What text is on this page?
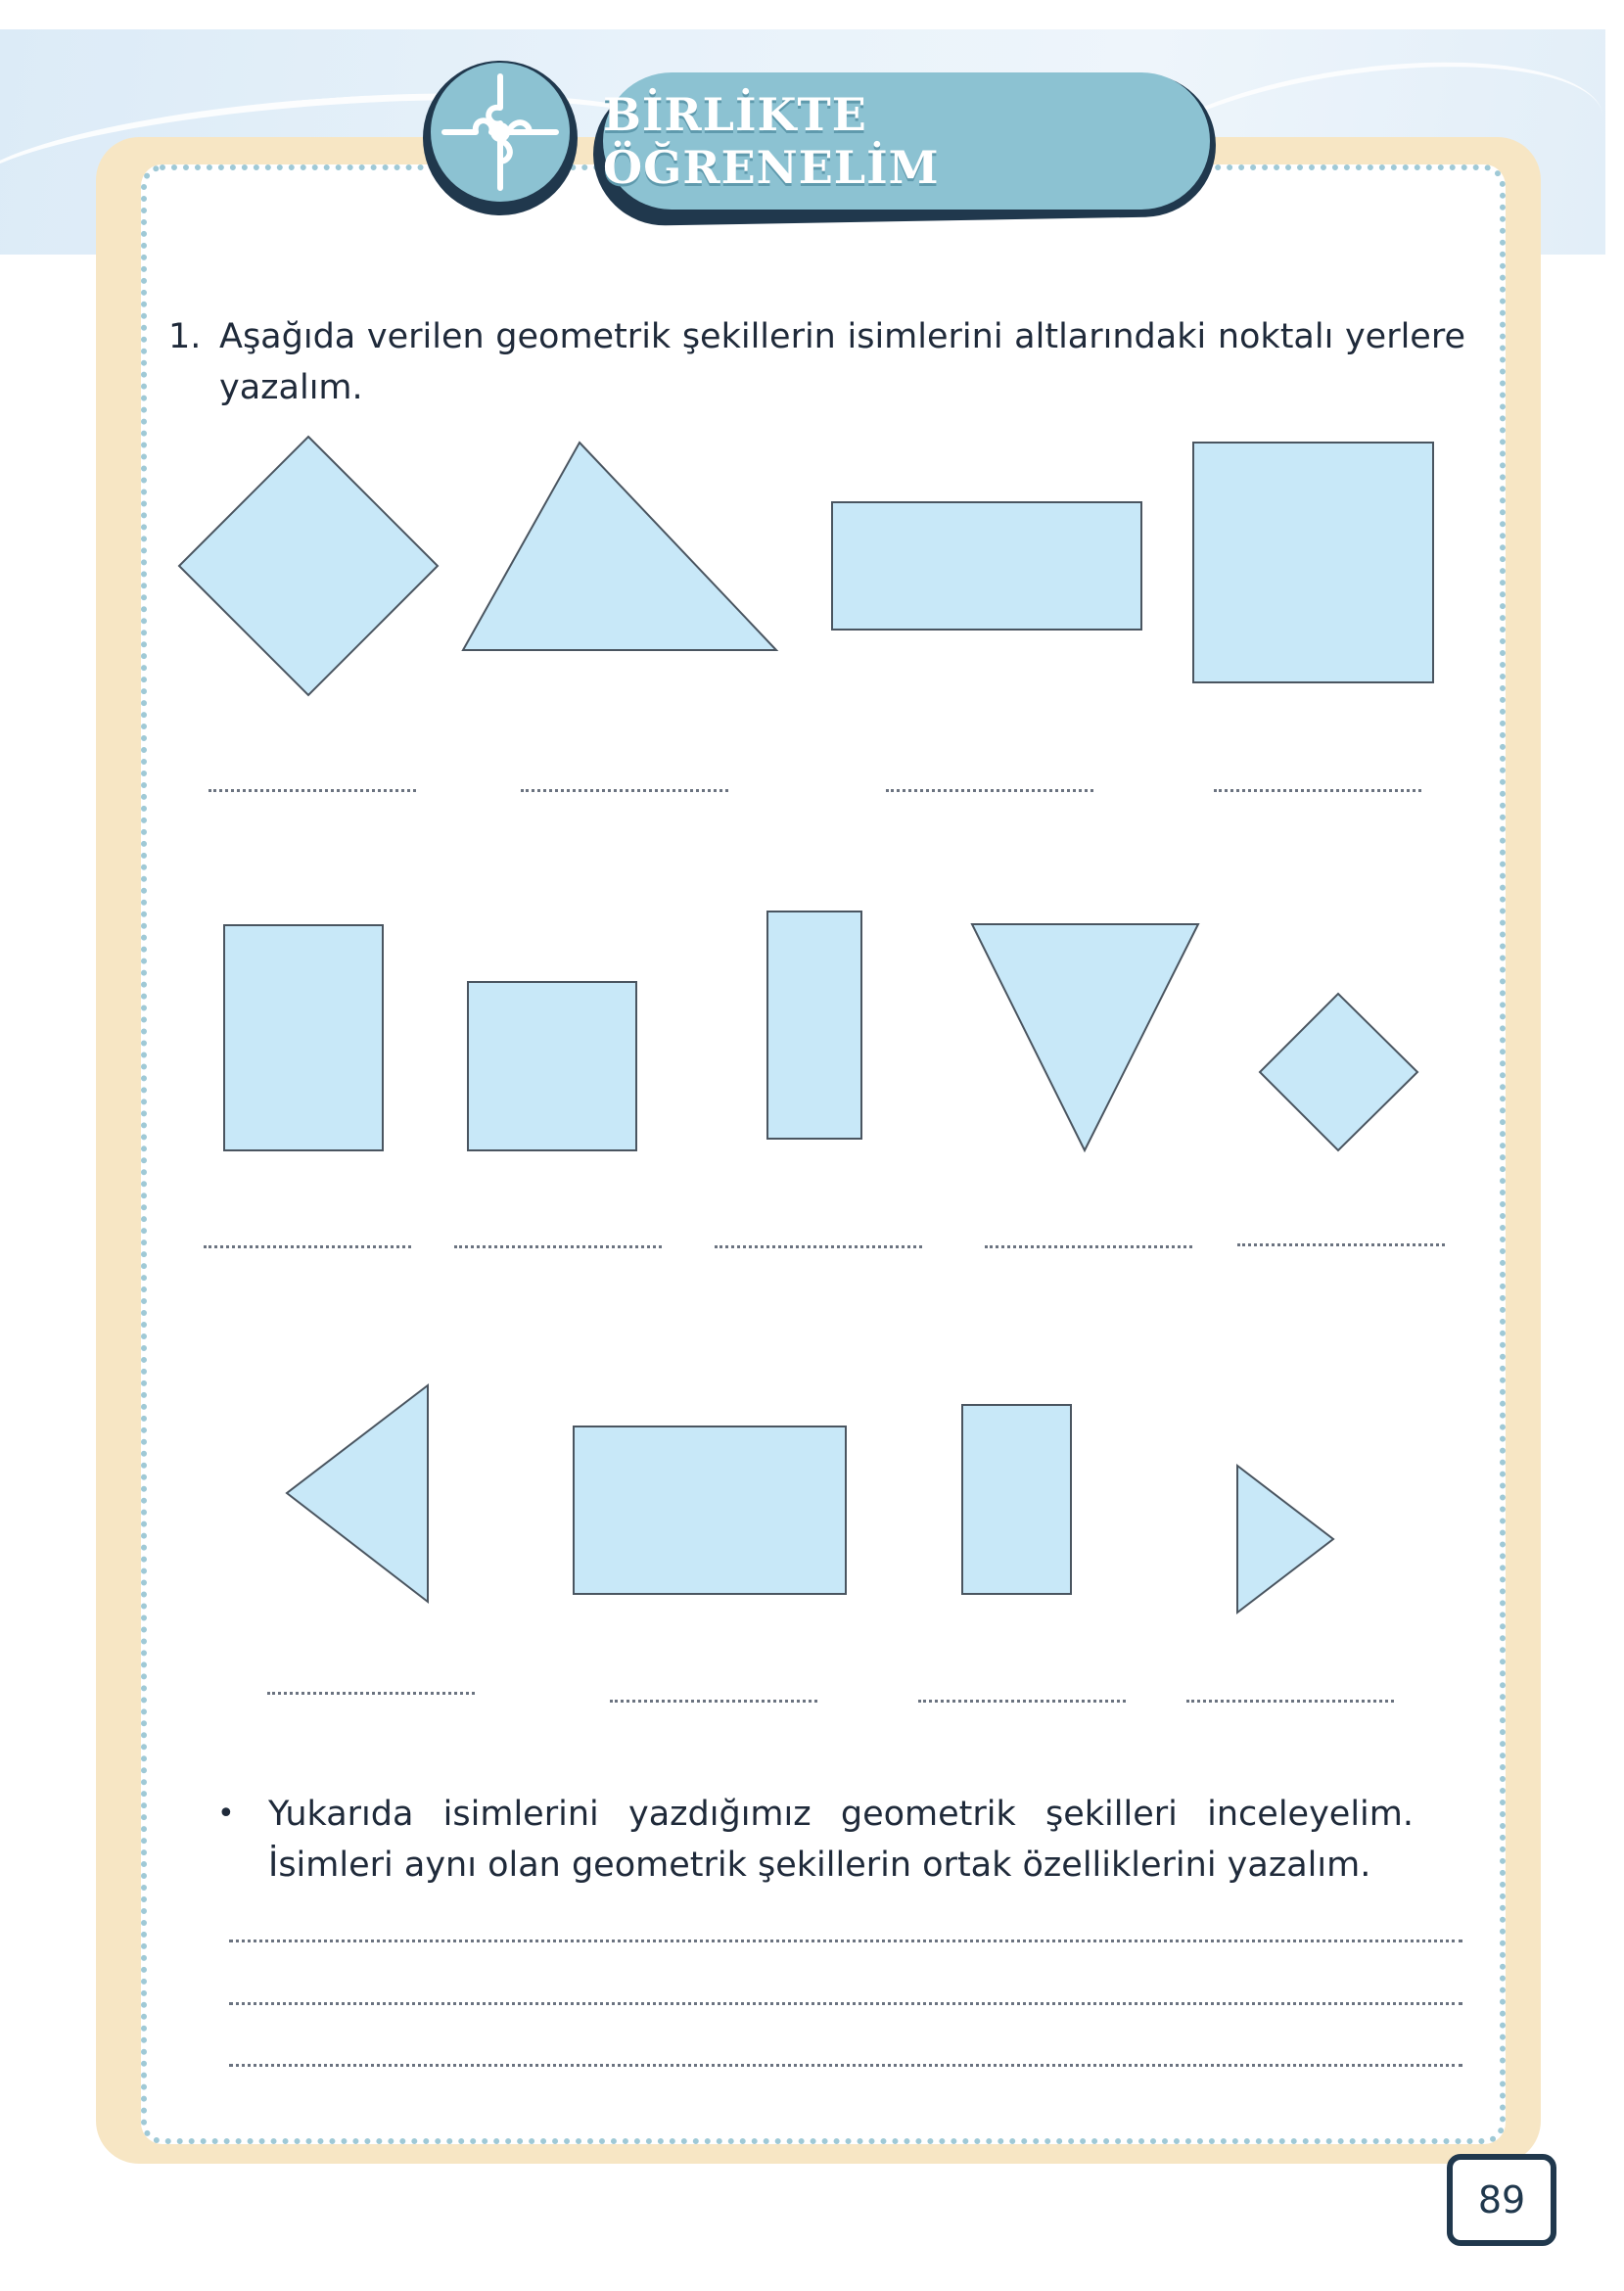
BİRLİKTE ÖĞRENELİM
1. Aşağıda verilen geometrik şekillerin isimlerini altlarındaki noktalı yerlere yazalım.
• Yukarıda isimlerini yazdığımız geometrik şekilleri inceleyelim. İsimleri aynı olan geometrik şekillerin ortak özelliklerini yazalım.
89
